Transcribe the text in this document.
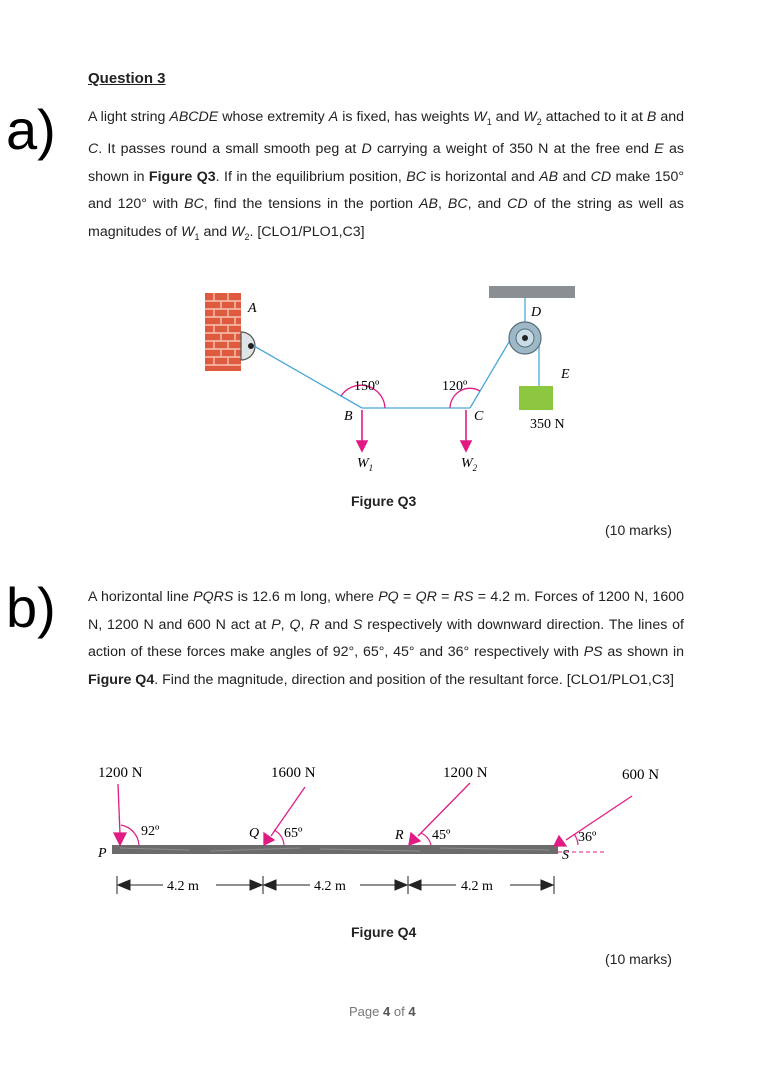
a)
b)
Question 3
A light string ABCDE whose extremity A is fixed, has weights $W_1$ and $W_2$ attached to it at B and C. It passes round a small smooth peg at D carrying a weight of 350 N at the free end E as shown in Figure Q3. If in the equilibrium position, BC is horizontal and AB and CD make 150° and 120° with BC, find the tensions in the portion AB, BC, and CD of the string as well as magnitudes of $W_1$ and $W_2$. [CLO1/PLO1,C3]
A
B	C
D
E
150º	120º
350 N
$W_1$	$W_2$
Figure Q3
(10 marks)
A horizontal line PQRS is 12.6 m long, where PQ = QR = RS = 4.2 m. Forces of 1200 N, 1600 N, 1200 N and 600 N act at P, Q, R and S respectively with downward direction. The lines of action of these forces make angles of 92°, 65°, 45° and 36° respectively with PS as shown in Figure Q4. Find the magnitude, direction and position of the resultant force. [CLO1/PLO1,C3]
1200 N	1600 N	1200 N	600 N
92º	65º	45º	36º
P
Q	R
S
4.2 m	4.2 m	4.2 m
Figure Q4
(10 marks)
Page 4 of 4
